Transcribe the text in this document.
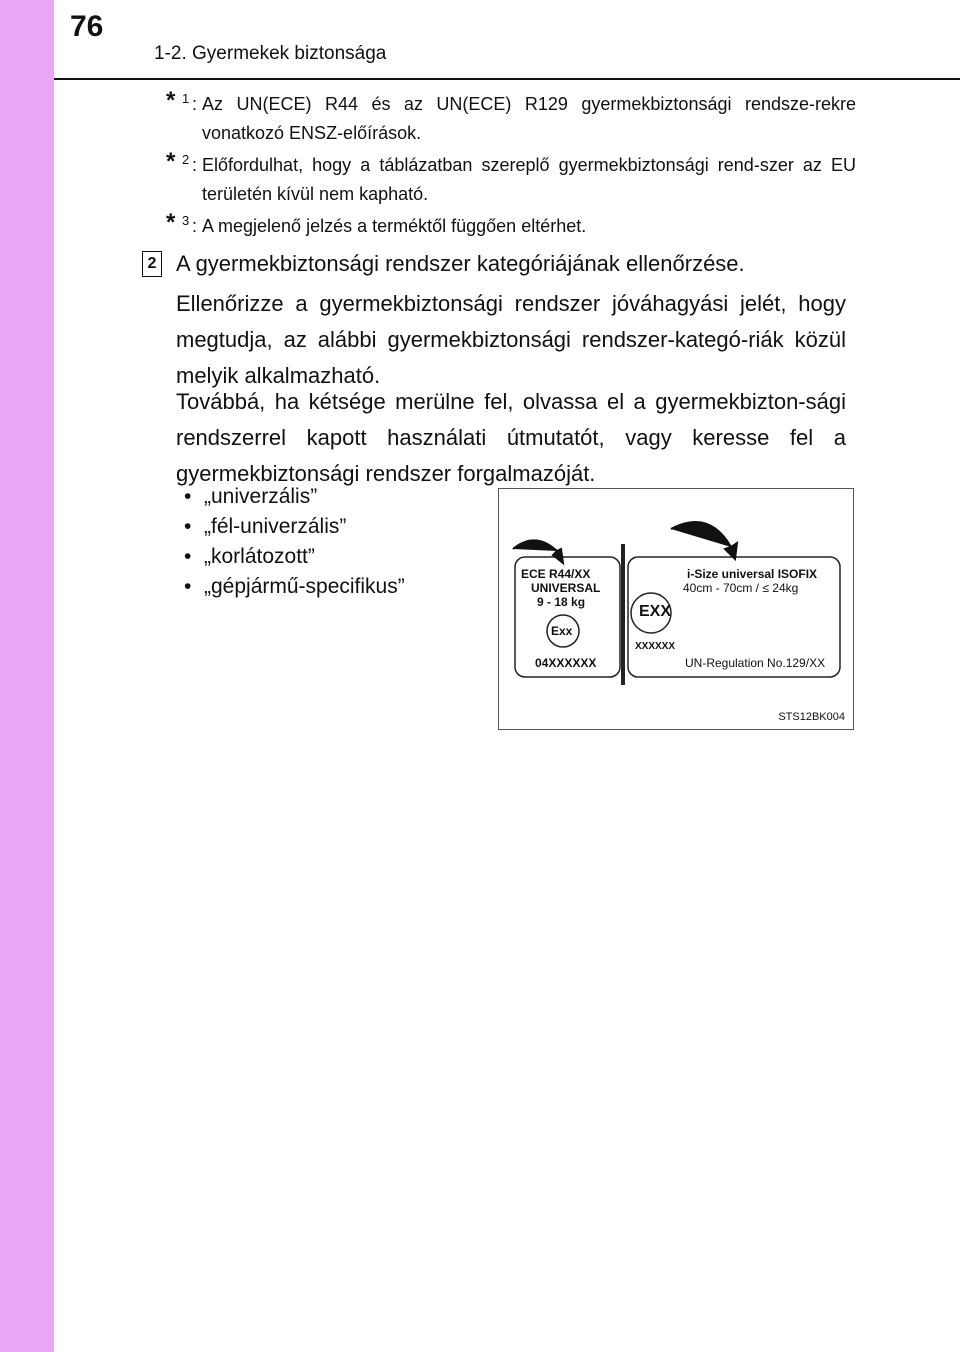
76
1-2. Gyermekek biztonsága
* 1 : Az UN(ECE) R44 és az UN(ECE) R129 gyermekbiztonsági rendsze-rekre vonatkozó ENSZ-előírások.
* 2 : Előfordulhat, hogy a táblázatban szereplő gyermekbiztonsági rend-szer az EU területén kívül nem kapható.
* 3 : A megjelenő jelzés a terméktől függően eltérhet.
2 A gyermekbiztonsági rendszer kategóriájának ellenőrzése.
Ellenőrizze a gyermekbiztonsági rendszer jóváhagyási jelét, hogy megtudja, az alábbi gyermekbiztonsági rendszer-kategó-riák közül melyik alkalmazható.
Továbbá, ha kétsége merülne fel, olvassa el a gyermekbizton-sági rendszerrel kapott használati útmutatót, vagy keresse fel a gyermekbiztonsági rendszer forgalmazóját.
• „univerzális”
• „fél-univerzális”
• „korlátozott”
• „gépjármű-specifikus”
ECE R44/XX
UNIVERSAL
9 - 18 kg
Exx
04XXXXXX
i-Size universal ISOFIX
40cm - 70cm / ≤ 24kg
EXX
XXXXXX
UN-Regulation No.129/XX
STS12BK004
